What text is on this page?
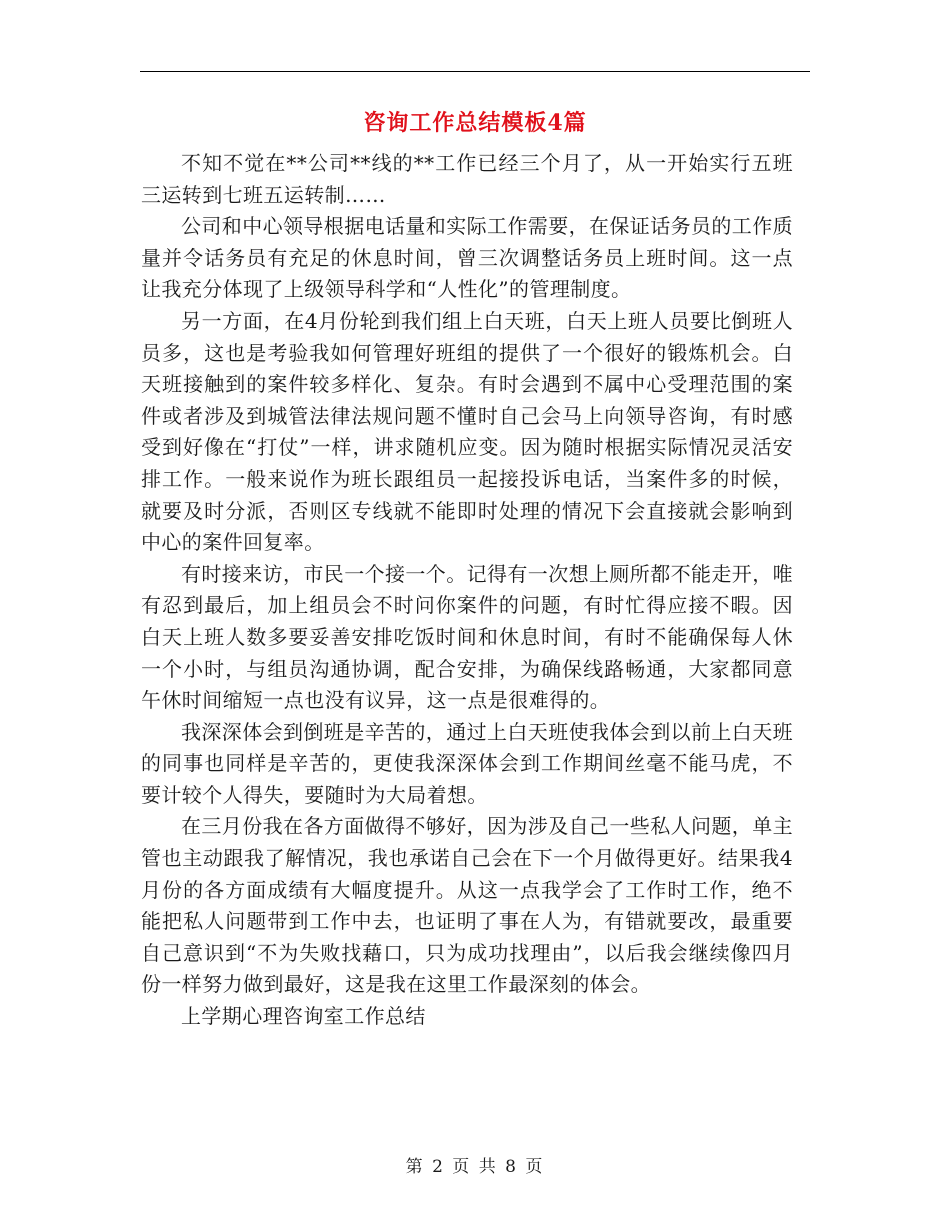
咨询工作总结模板4篇

不知不觉在**公司**线的**工作已经三个月了，从一开始实行五班三运转到七班五运转制……

公司和中心领导根据电话量和实际工作需要，在保证话务员的工作质量并令话务员有充足的休息时间，曾三次调整话务员上班时间。这一点让我充分体现了上级领导科学和“人性化”的管理制度。

另一方面，在4月份轮到我们组上白天班，白天上班人员要比倒班人员多，这也是考验我如何管理好班组的提供了一个很好的锻炼机会。白天班接触到的案件较多样化、复杂。有时会遇到不属中心受理范围的案件或者涉及到城管法律法规问题不懂时自己会马上向领导咨询，有时感受到好像在“打仗”一样，讲求随机应变。因为随时根据实际情况灵活安排工作。一般来说作为班长跟组员一起接投诉电话，当案件多的时候，就要及时分派，否则区专线就不能即时处理的情况下会直接就会影响到中心的案件回复率。

有时接来访，市民一个接一个。记得有一次想上厕所都不能走开，唯有忍到最后，加上组员会不时问你案件的问题，有时忙得应接不暇。因白天上班人数多要妥善安排吃饭时间和休息时间，有时不能确保每人休一个小时，与组员沟通协调，配合安排，为确保线路畅通，大家都同意午休时间缩短一点也没有议异，这一点是很难得的。

我深深体会到倒班是辛苦的，通过上白天班使我体会到以前上白天班的同事也同样是辛苦的，更使我深深体会到工作期间丝毫不能马虎，不要计较个人得失，要随时为大局着想。

在三月份我在各方面做得不够好，因为涉及自己一些私人问题，单主管也主动跟我了解情况，我也承诺自己会在下一个月做得更好。结果我4月份的各方面成绩有大幅度提升。从这一点我学会了工作时工作，绝不能把私人问题带到工作中去，也证明了事在人为，有错就要改，最重要自己意识到“不为失败找藉口，只为成功找理由”，以后我会继续像四月份一样努力做到最好，这是我在这里工作最深刻的体会。

上学期心理咨询室工作总结

第 2 页 共 8 页
